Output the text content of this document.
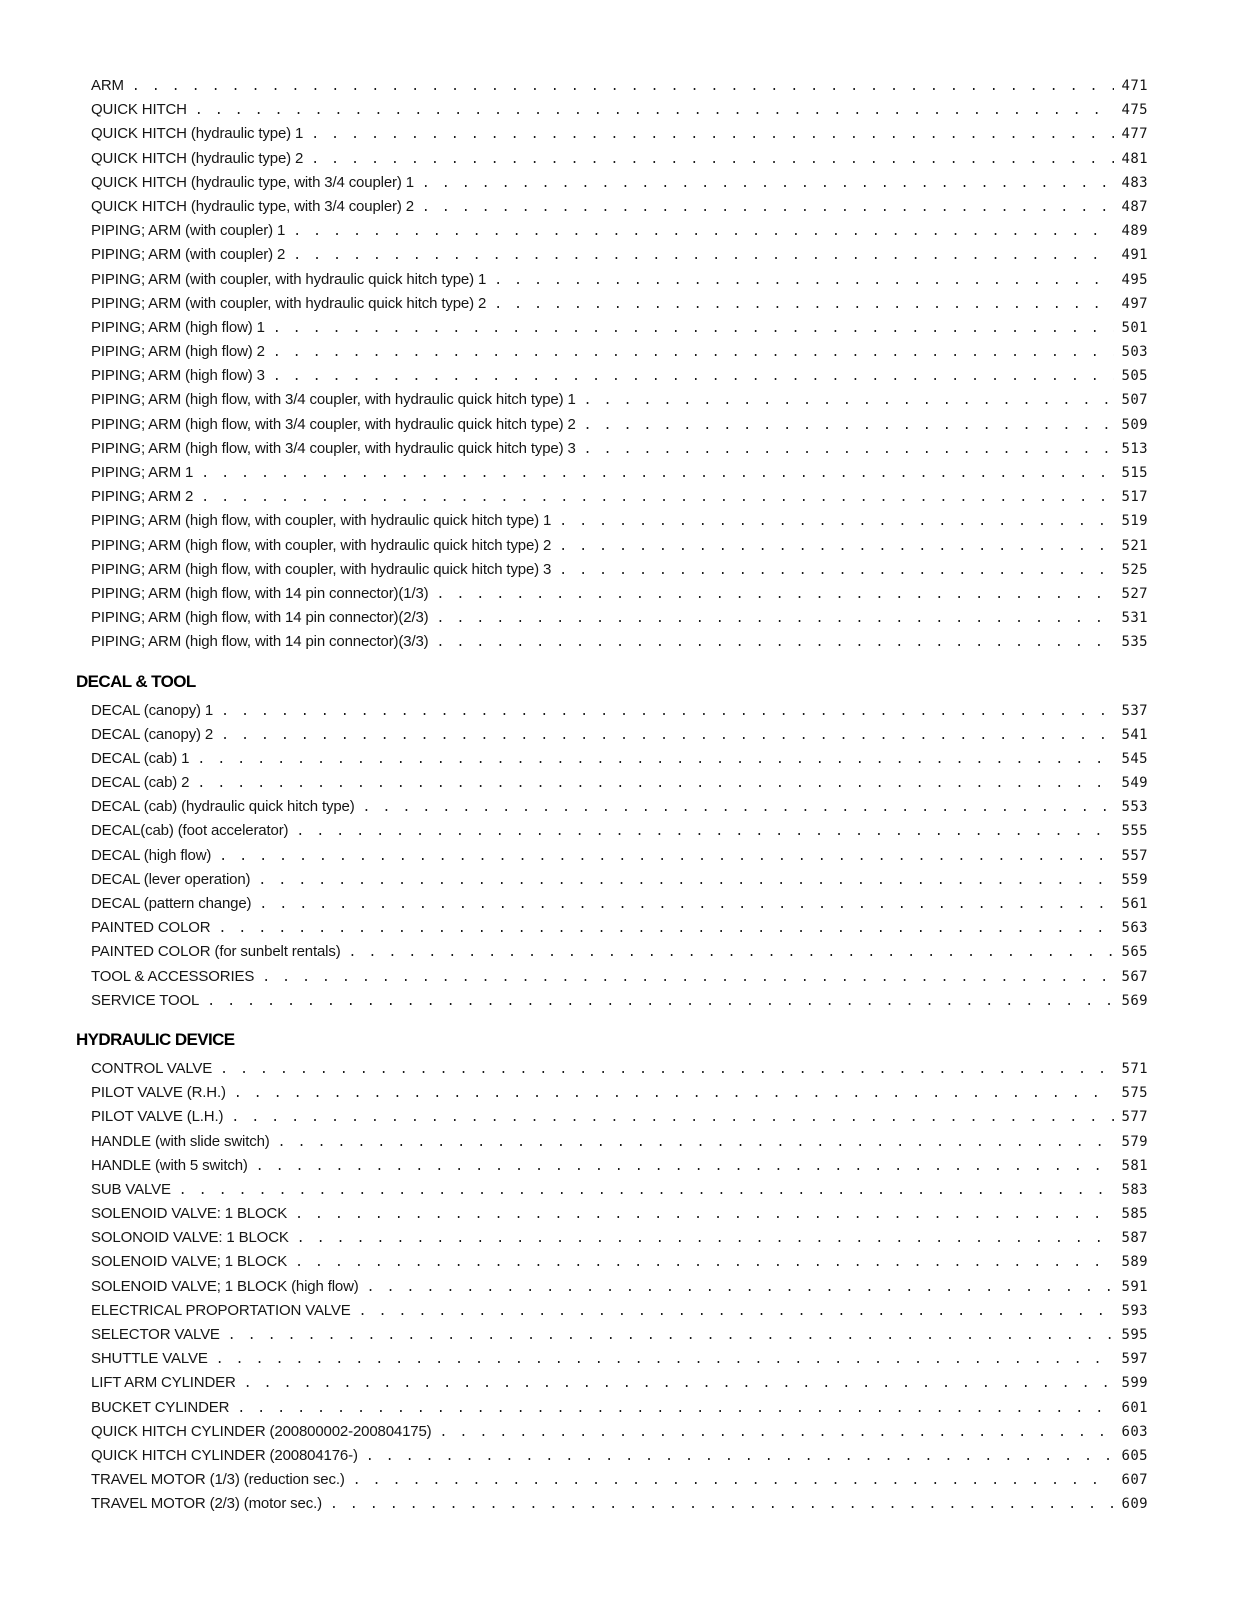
ARM . . .	471
QUICK HITCH . . .	475
QUICK HITCH (hydraulic type) 1 . . .	477
QUICK HITCH (hydraulic type) 2 . . .	481
QUICK HITCH (hydraulic type, with 3/4 coupler) 1 . . .	483
QUICK HITCH (hydraulic type, with 3/4 coupler) 2 . . .	487
PIPING; ARM (with coupler) 1 . . .	489
PIPING; ARM (with coupler) 2 . . .	491
PIPING; ARM (with coupler, with hydraulic quick hitch type) 1 . . .	495
PIPING; ARM (with coupler, with hydraulic quick hitch type) 2 . . .	497
PIPING; ARM (high flow) 1 . . .	501
PIPING; ARM (high flow) 2 . . .	503
PIPING; ARM (high flow) 3 . . .	505
PIPING; ARM (high flow, with 3/4 coupler, with hydraulic quick hitch type) 1 . . .	507
PIPING; ARM (high flow, with 3/4 coupler, with hydraulic quick hitch type) 2 . . .	509
PIPING; ARM (high flow, with 3/4 coupler, with hydraulic quick hitch type) 3 . . .	513
PIPING; ARM 1 . . .	515
PIPING; ARM 2 . . .	517
PIPING; ARM (high flow, with coupler, with hydraulic quick hitch type) 1 . . .	519
PIPING; ARM (high flow, with coupler, with hydraulic quick hitch type) 2 . . .	521
PIPING; ARM (high flow, with coupler, with hydraulic quick hitch type) 3 . . .	525
PIPING; ARM (high flow, with 14 pin connector)(1/3) . . .	527
PIPING; ARM (high flow, with 14 pin connector)(2/3) . . .	531
PIPING; ARM (high flow, with 14 pin connector)(3/3) . . .	535
DECAL & TOOL
DECAL (canopy) 1 . . .	537
DECAL (canopy) 2 . . .	541
DECAL (cab) 1 . . .	545
DECAL (cab) 2 . . .	549
DECAL (cab) (hydraulic quick hitch type) . . .	553
DECAL(cab) (foot accelerator) . . .	555
DECAL (high flow) . . .	557
DECAL (lever operation) . . .	559
DECAL (pattern change) . . .	561
PAINTED COLOR . . .	563
PAINTED COLOR (for sunbelt rentals) . . .	565
TOOL & ACCESSORIES . . .	567
SERVICE TOOL . . .	569
HYDRAULIC DEVICE
CONTROL VALVE . . .	571
PILOT VALVE (R.H.) . . .	575
PILOT VALVE (L.H.) . . .	577
HANDLE (with slide switch) . . .	579
HANDLE (with 5 switch) . . .	581
SUB VALVE . . .	583
SOLENOID VALVE: 1 BLOCK . . .	585
SOLONOID VALVE: 1 BLOCK . . .	587
SOLENOID VALVE; 1 BLOCK . . .	589
SOLENOID VALVE; 1 BLOCK (high flow) . . .	591
ELECTRICAL PROPORTATION VALVE . . .	593
SELECTOR VALVE . . .	595
SHUTTLE VALVE . . .	597
LIFT ARM CYLINDER . . .	599
BUCKET CYLINDER . . .	601
QUICK HITCH CYLINDER (200800002-200804175) . . .	603
QUICK HITCH CYLINDER (200804176-) . . .	605
TRAVEL MOTOR (1/3) (reduction sec.) . . .	607
TRAVEL MOTOR (2/3) (motor sec.) . . .	609
